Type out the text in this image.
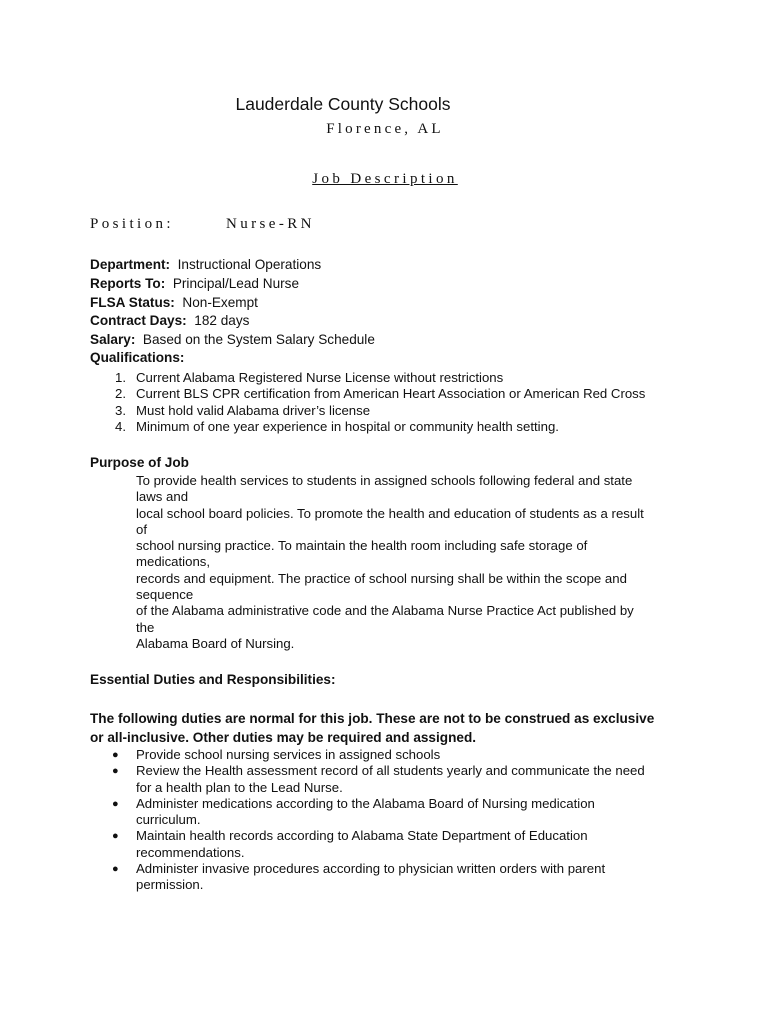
Lauderdale County Schools
Florence, AL
Job Description
Position:	Nurse-RN
Department: Instructional Operations
Reports To: Principal/Lead Nurse
FLSA Status: Non-Exempt
Contract Days: 182 days
Salary: Based on the System Salary Schedule
Qualifications:
1. Current Alabama Registered Nurse License without restrictions
2. Current BLS CPR certification from American Heart Association or American Red Cross
3. Must hold valid Alabama driver’s license
4. Minimum of one year experience in hospital or community health setting.
Purpose of Job
To provide health services to students in assigned schools following federal and state
laws and
local school board policies. To promote the health and education of students as a result
of
school nursing practice. To maintain the health room including safe storage of
medications,
records and equipment. The practice of school nursing shall be within the scope and
sequence
of the Alabama administrative code and the Alabama Nurse Practice Act published by
the
Alabama Board of Nursing.
Essential Duties and Responsibilities:
The following duties are normal for this job. These are not to be construed as exclusive
or all-inclusive. Other duties may be required and assigned.
● Provide school nursing services in assigned schools
● Review the Health assessment record of all students yearly and communicate the need
for a health plan to the Lead Nurse.
● Administer medications according to the Alabama Board of Nursing medication
curriculum.
● Maintain health records according to Alabama State Department of Education
recommendations.
● Administer invasive procedures according to physician written orders with parent
permission.
